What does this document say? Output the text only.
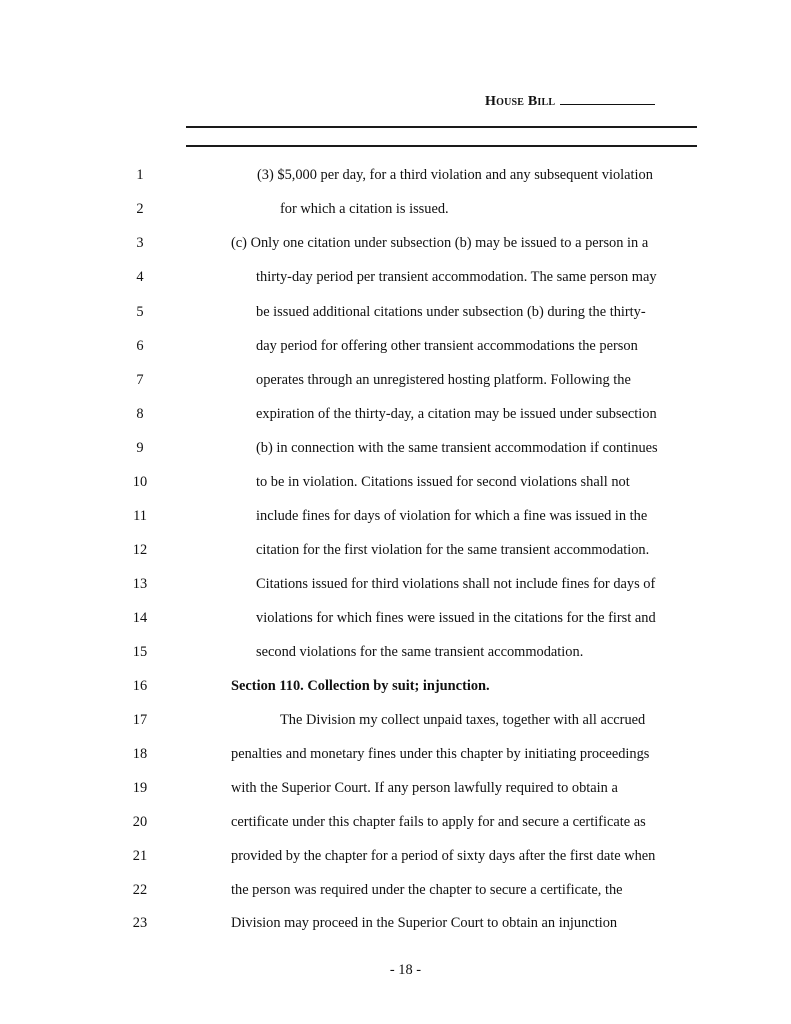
House Bill
1	(3) $5,000 per day, for a third violation and any subsequent violation
2	for which a citation is issued.
3	(c) Only one citation under subsection (b) may be issued to a person in a
4	thirty-day period per transient accommodation. The same person may
5	be issued additional citations under subsection (b) during the thirty-
6	day period for offering other transient accommodations the person
7	operates through an unregistered hosting platform. Following the
8	expiration of the thirty-day, a citation may be issued under subsection
9	(b) in connection with the same transient accommodation if continues
10	to be in violation. Citations issued for second violations shall not
11	include fines for days of violation for which a fine was issued in the
12	citation for the first violation for the same transient accommodation.
13	Citations issued for third violations shall not include fines for days of
14	violations for which fines were issued in the citations for the first and
15	second violations for the same transient accommodation.
16	Section 110. Collection by suit; injunction.
17	The Division my collect unpaid taxes, together with all accrued
18	penalties and monetary fines under this chapter by initiating proceedings
19	with the Superior Court. If any person lawfully required to obtain a
20	certificate under this chapter fails to apply for and secure a certificate as
21	provided by the chapter for a period of sixty days after the first date when
22	the person was required under the chapter to secure a certificate, the
23	Division may proceed in the Superior Court to obtain an injunction
- 18 -
